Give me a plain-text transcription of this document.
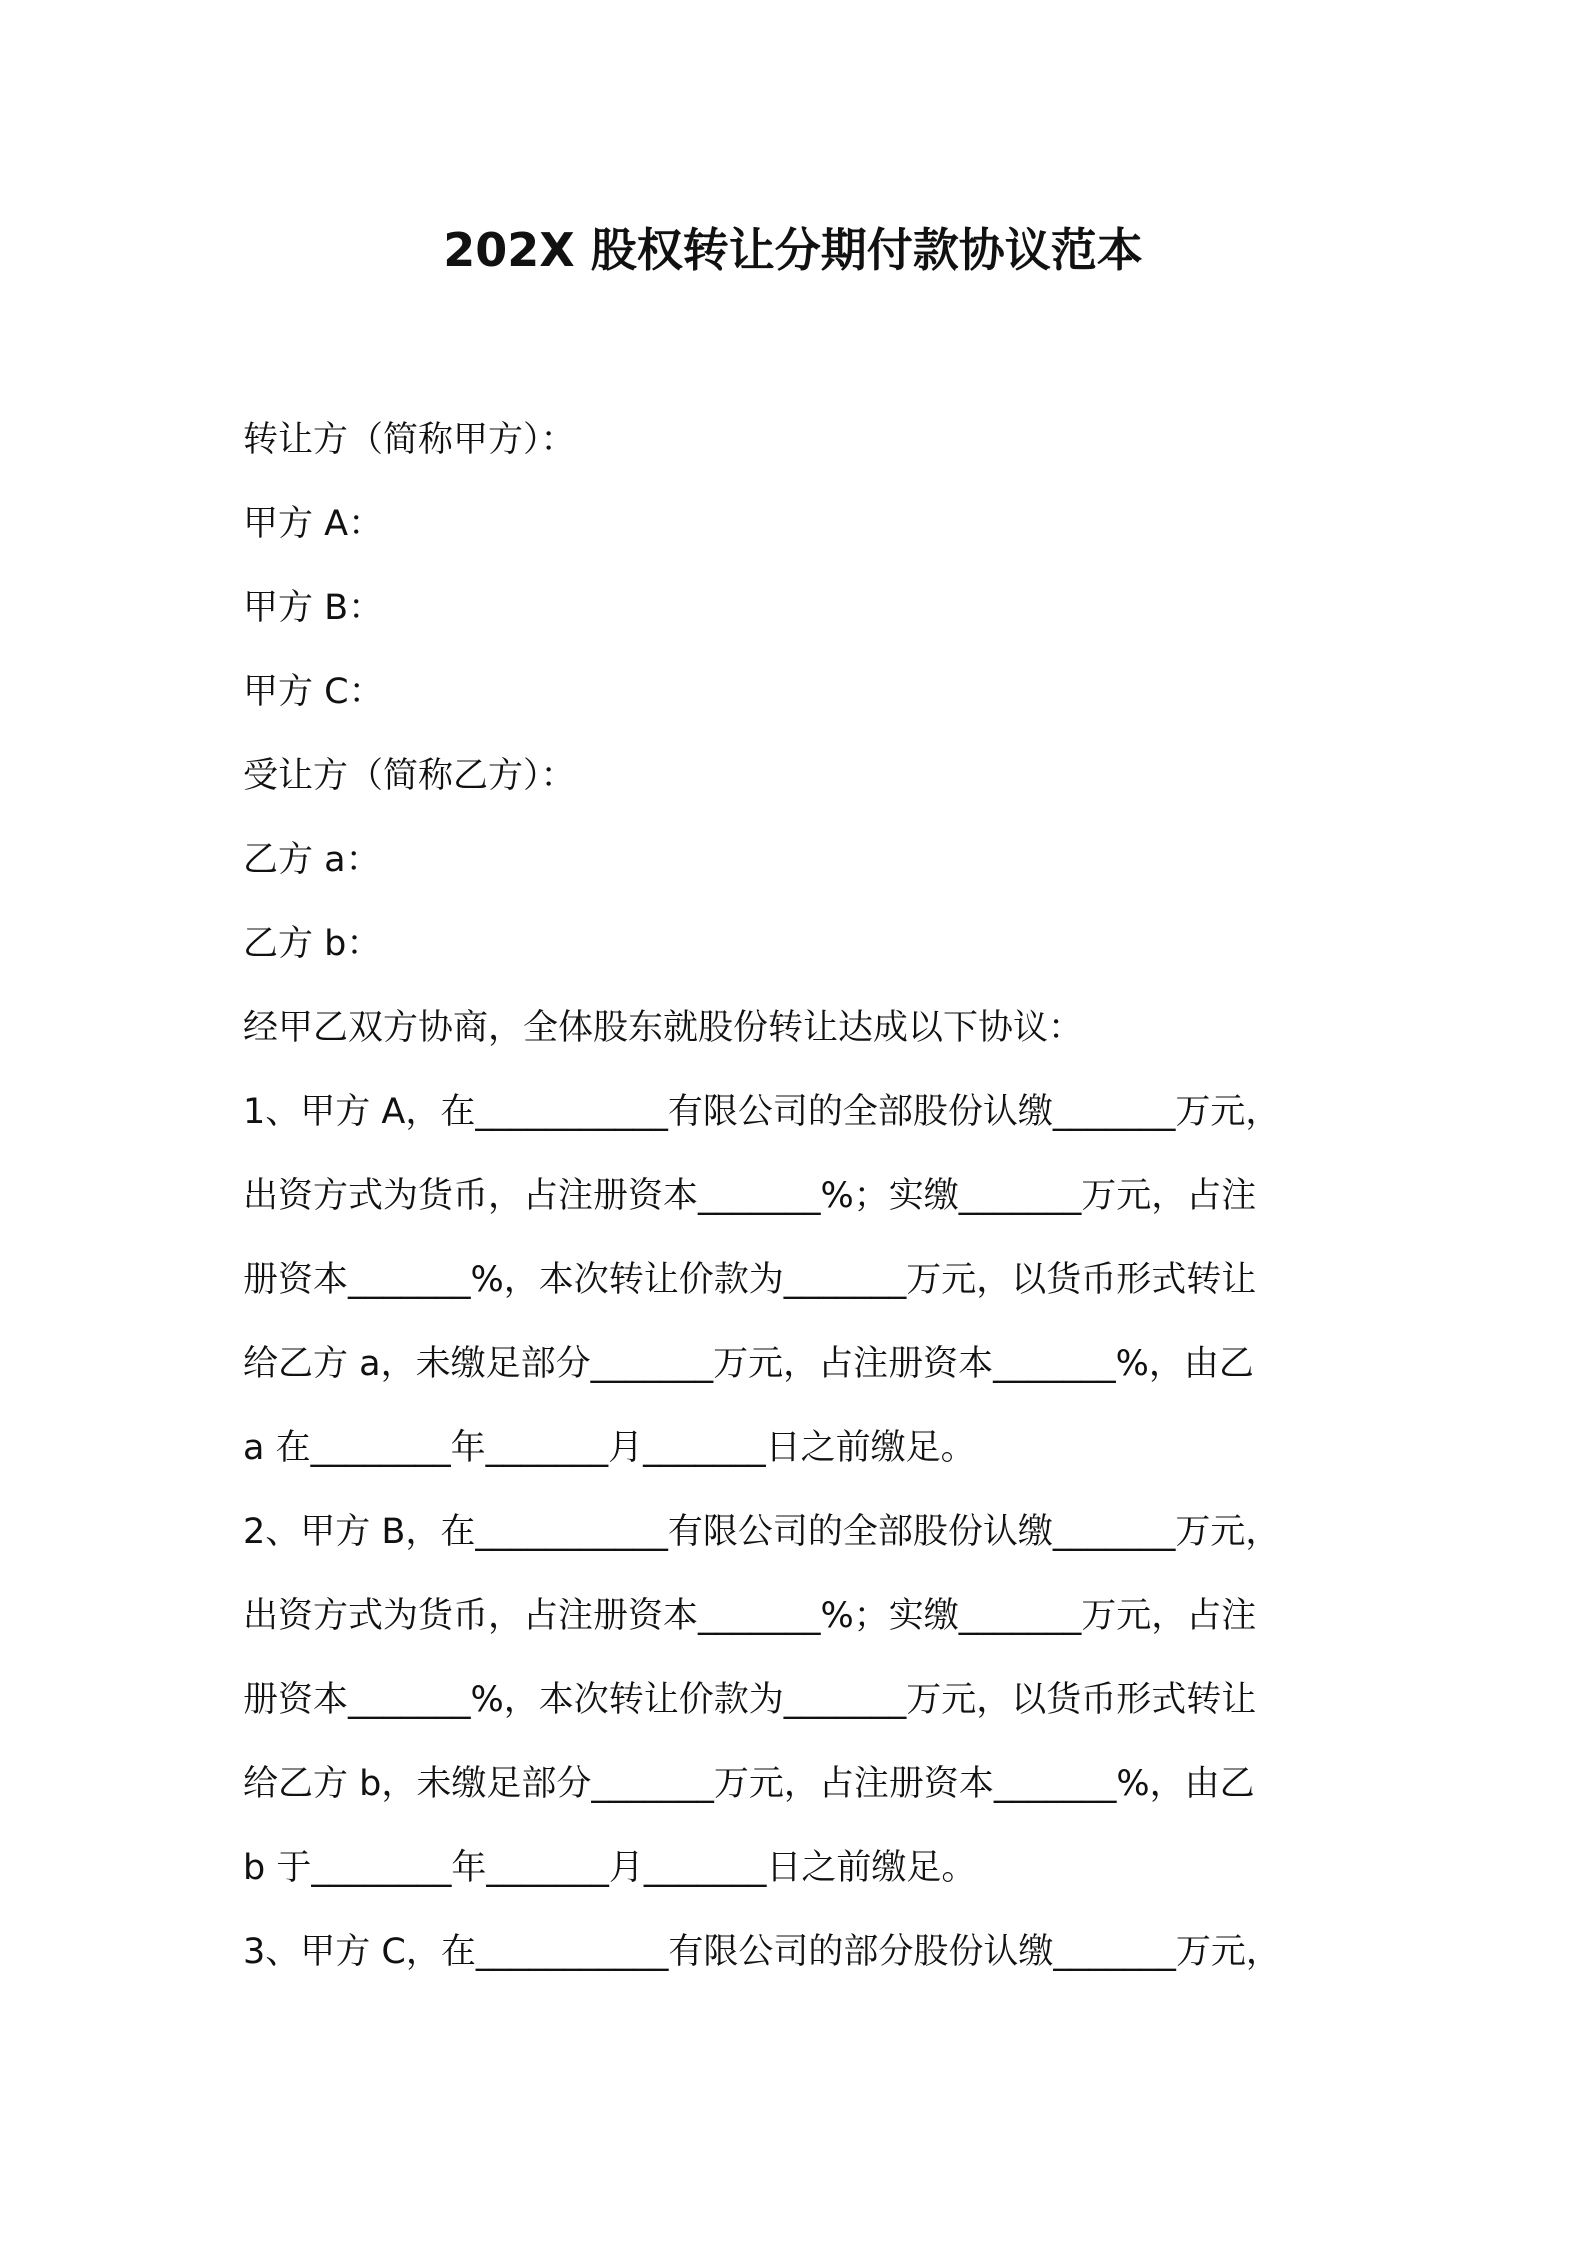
202X 股权转让分期付款协议范本
转让方（简称甲方）：
甲方 A：
甲方 B：
甲方 C：
受让方（简称乙方）：
乙方 a：
乙方 b：
经甲乙双方协商，全体股东就股份转让达成以下协议：
1、甲方 A，在___________有限公司的全部股份认缴_______万元，
出资方式为货币，占注册资本_______%；实缴_______万元，占注
册资本_______%，本次转让价款为_______万元，以货币形式转让
给乙方 a，未缴足部分_______万元，占注册资本_______%，由乙
a 在________年_______月_______日之前缴足。
2、甲方 B，在___________有限公司的全部股份认缴_______万元，
出资方式为货币，占注册资本_______%；实缴_______万元，占注
册资本_______%，本次转让价款为_______万元，以货币形式转让
给乙方 b，未缴足部分_______万元，占注册资本_______%，由乙
b 于________年_______月_______日之前缴足。
3、甲方 C，在___________有限公司的部分股份认缴_______万元，
